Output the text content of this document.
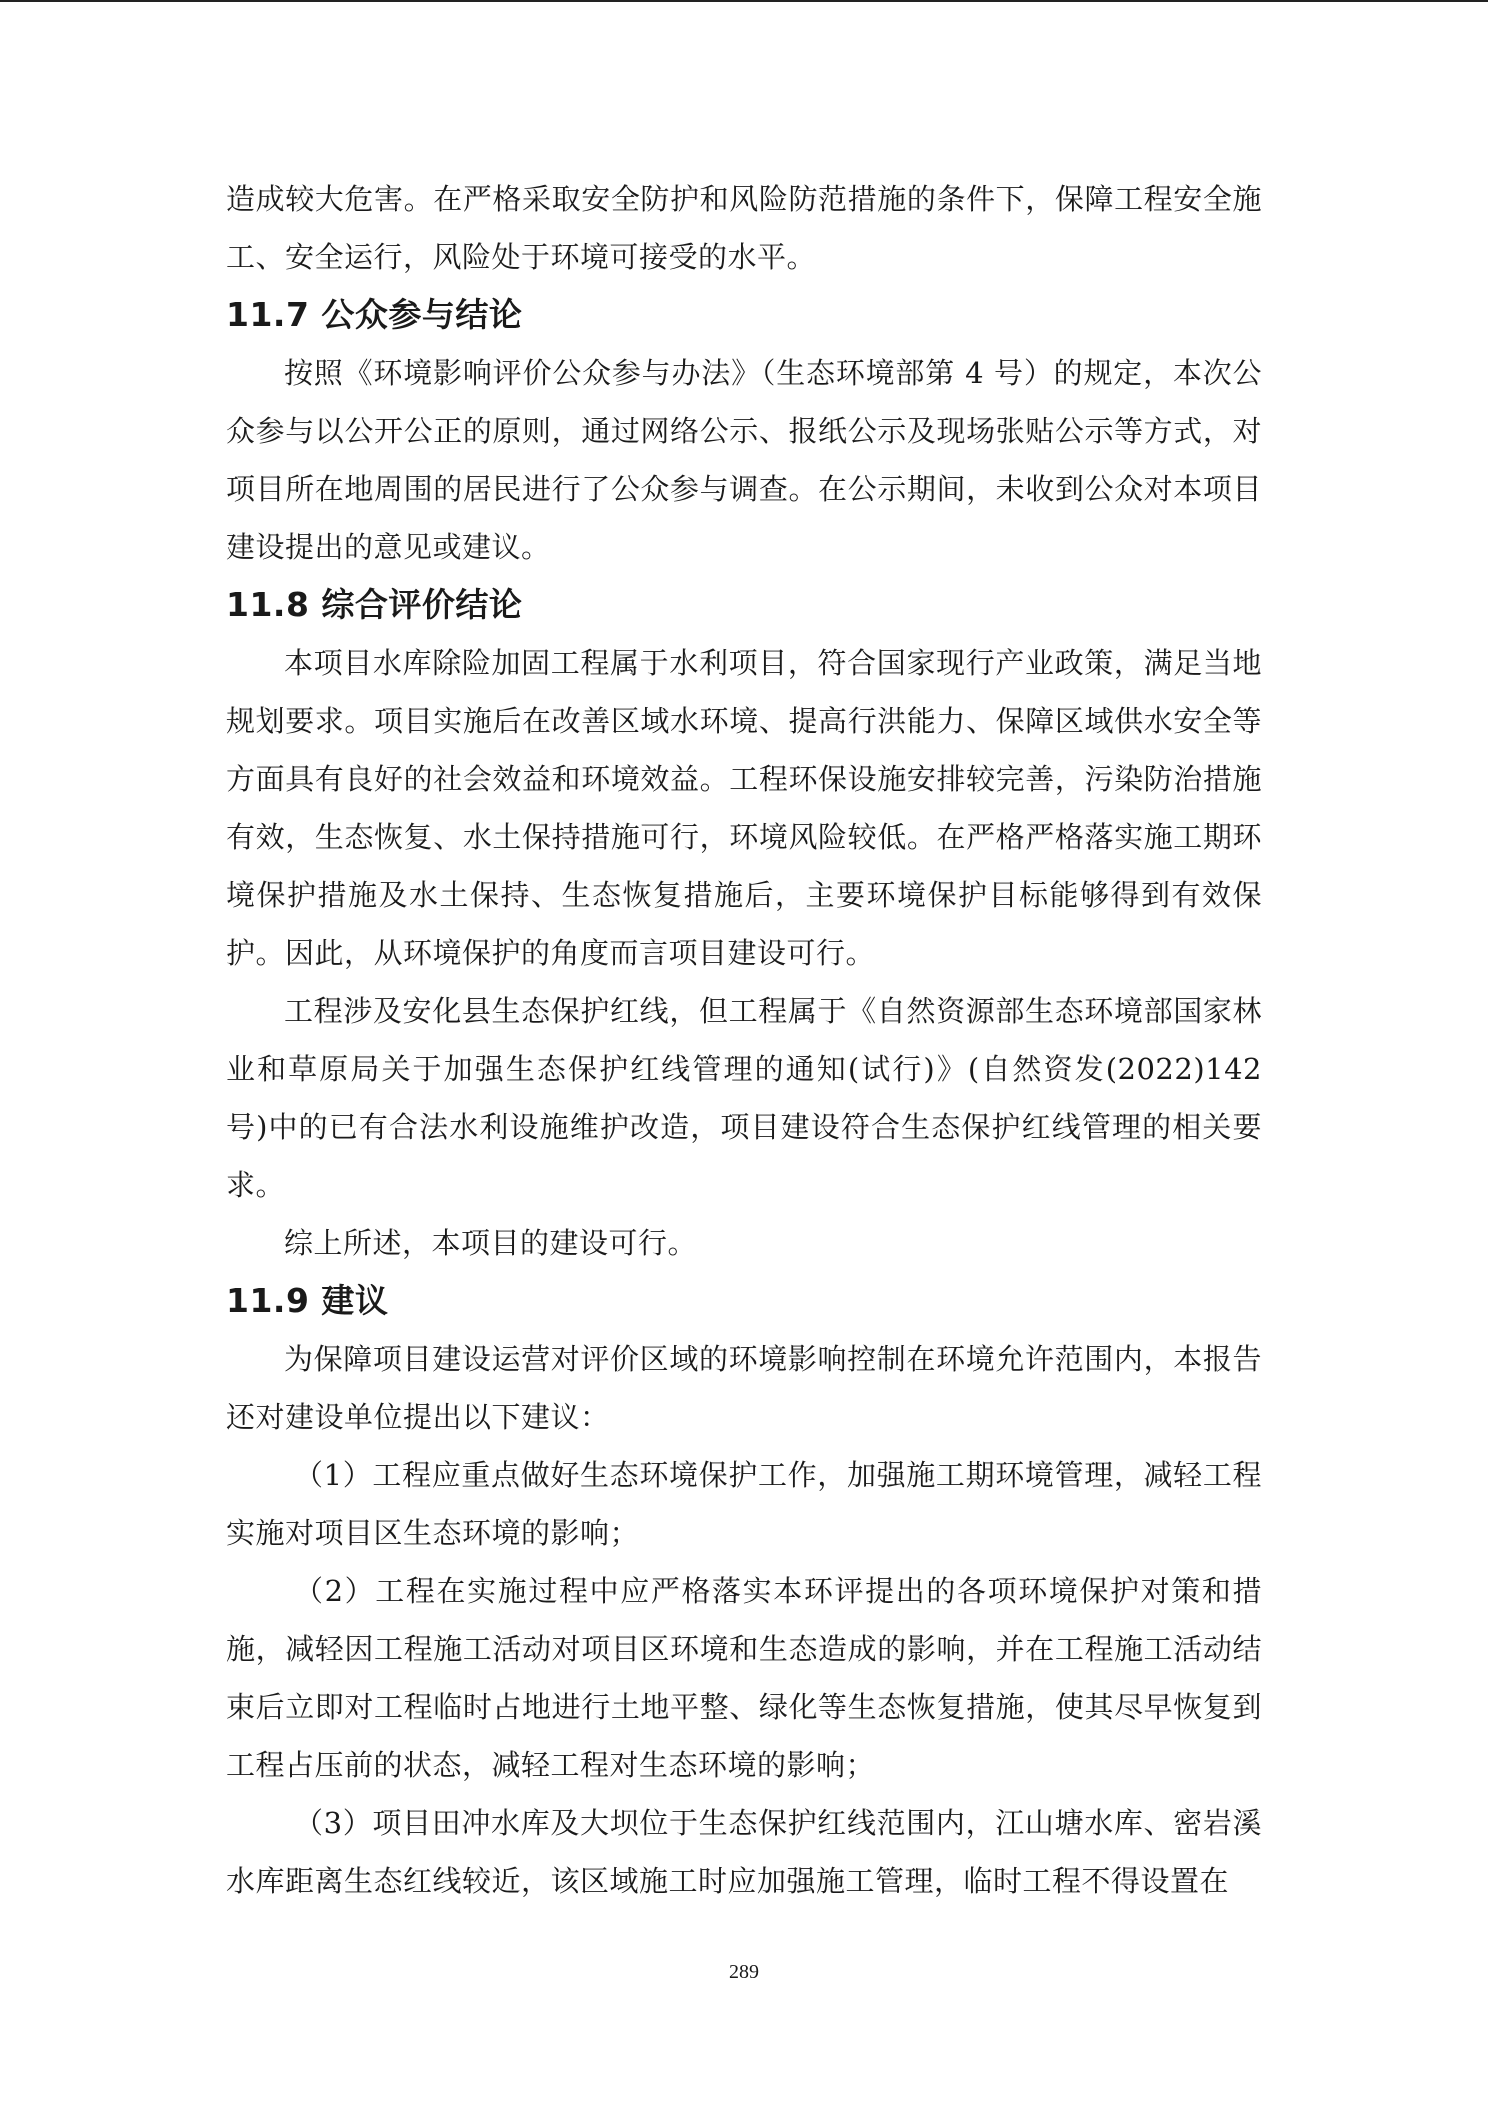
造成较大危害。在严格采取安全防护和风险防范措施的条件下，保障工程安全施工、安全运行，风险处于环境可接受的水平。

11.7 公众参与结论

按照《环境影响评价公众参与办法》（生态环境部第 4 号）的规定，本次公众参与以公开公正的原则，通过网络公示、报纸公示及现场张贴公示等方式，对项目所在地周围的居民进行了公众参与调查。在公示期间，未收到公众对本项目建设提出的意见或建议。

11.8 综合评价结论

本项目水库除险加固工程属于水利项目，符合国家现行产业政策，满足当地规划要求。项目实施后在改善区域水环境、提高行洪能力、保障区域供水安全等方面具有良好的社会效益和环境效益。工程环保设施安排较完善，污染防治措施有效，生态恢复、水土保持措施可行，环境风险较低。在严格严格落实施工期环境保护措施及水土保持、生态恢复措施后，主要环境保护目标能够得到有效保护。因此，从环境保护的角度而言项目建设可行。

工程涉及安化县生态保护红线，但工程属于《自然资源部生态环境部国家林业和草原局关于加强生态保护红线管理的通知(试行)》(自然资发(2022)142 号)中的已有合法水利设施维护改造，项目建设符合生态保护红线管理的相关要求。

综上所述，本项目的建设可行。

11.9 建议

为保障项目建设运营对评价区域的环境影响控制在环境允许范围内，本报告还对建设单位提出以下建议：

（1）工程应重点做好生态环境保护工作，加强施工期环境管理，减轻工程实施对项目区生态环境的影响；

（2）工程在实施过程中应严格落实本环评提出的各项环境保护对策和措施，减轻因工程施工活动对项目区环境和生态造成的影响，并在工程施工活动结束后立即对工程临时占地进行土地平整、绿化等生态恢复措施，使其尽早恢复到工程占压前的状态，减轻工程对生态环境的影响；

（3）项目田冲水库及大坝位于生态保护红线范围内，江山塘水库、密岩溪水库距离生态红线较近，该区域施工时应加强施工管理，临时工程不得设置在

289
